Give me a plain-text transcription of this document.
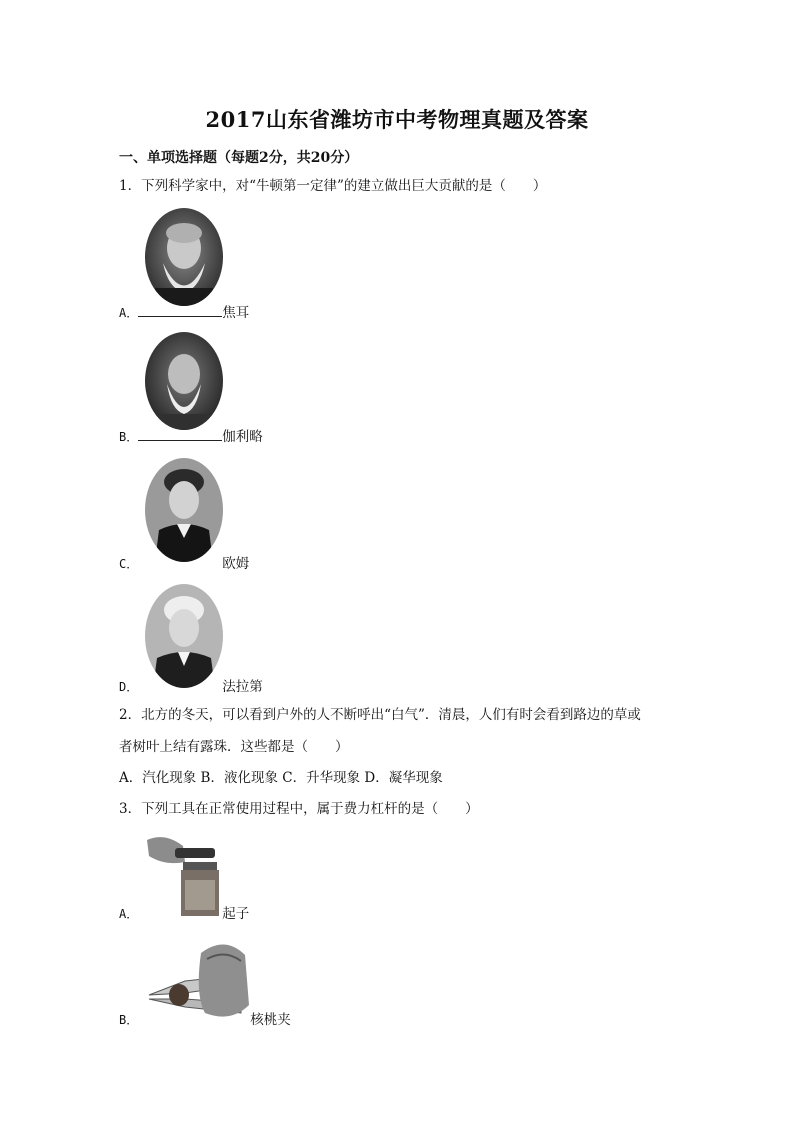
2017山东省潍坊市中考物理真题及答案
一、单项选择题（每题2分，共20分）
1．下列科学家中，对“牛顿第一定律”的建立做出巨大贡献的是（　　）
A．	焦耳
B．	伽利略
C．	欧姆
D．	法拉第
2．北方的冬天，可以看到户外的人不断呼出“白气”．清晨，人们有时会看到路边的草或
者树叶上结有露珠．这些都是（　　）
A．汽化现象 B．液化现象 C．升华现象 D．凝华现象
3．下列工具在正常使用过程中，属于费力杠杆的是（　　）
A．	起子
B．	核桃夹
